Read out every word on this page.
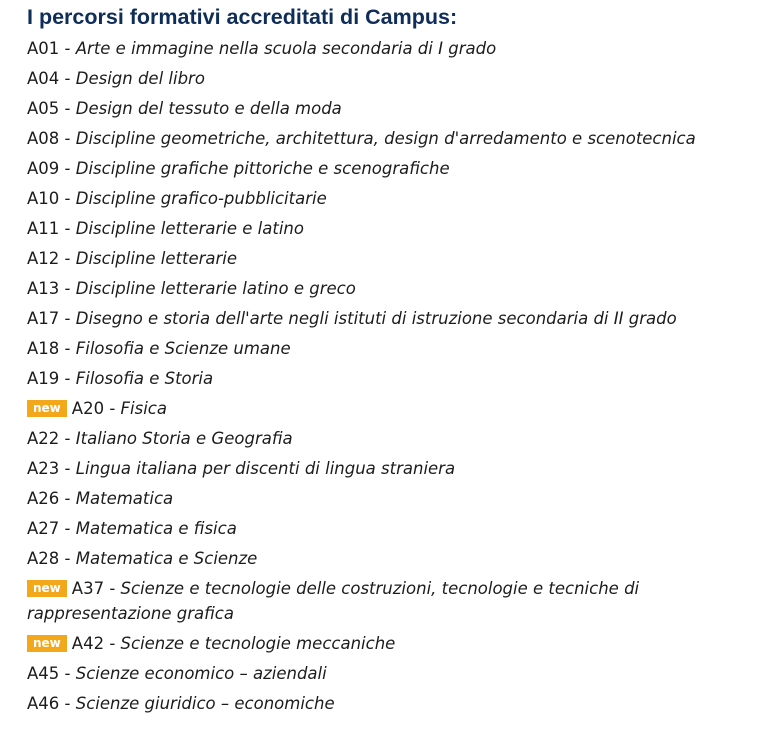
I percorsi formativi accreditati di Campus:
A01 - Arte e immagine nella scuola secondaria di I grado
A04 - Design del libro
A05 - Design del tessuto e della moda
A08 - Discipline geometriche, architettura, design d'arredamento e scenotecnica
A09 - Discipline grafiche pittoriche e scenografiche
A10 - Discipline grafico-pubblicitarie
A11 - Discipline letterarie e latino
A12 - Discipline letterarie
A13 - Discipline letterarie latino e greco
A17 - Disegno e storia dell'arte negli istituti di istruzione secondaria di II grado
A18 - Filosofia e Scienze umane
A19 - Filosofia e Storia
new A20 - Fisica
A22 - Italiano Storia e Geografia
A23 - Lingua italiana per discenti di lingua straniera
A26 - Matematica
A27 - Matematica e fisica
A28 - Matematica e Scienze
new A37 - Scienze e tecnologie delle costruzioni, tecnologie e tecniche di rappresentazione grafica
new A42 - Scienze e tecnologie meccaniche
A45 - Scienze economico – aziendali
A46 - Scienze giuridico – economiche
